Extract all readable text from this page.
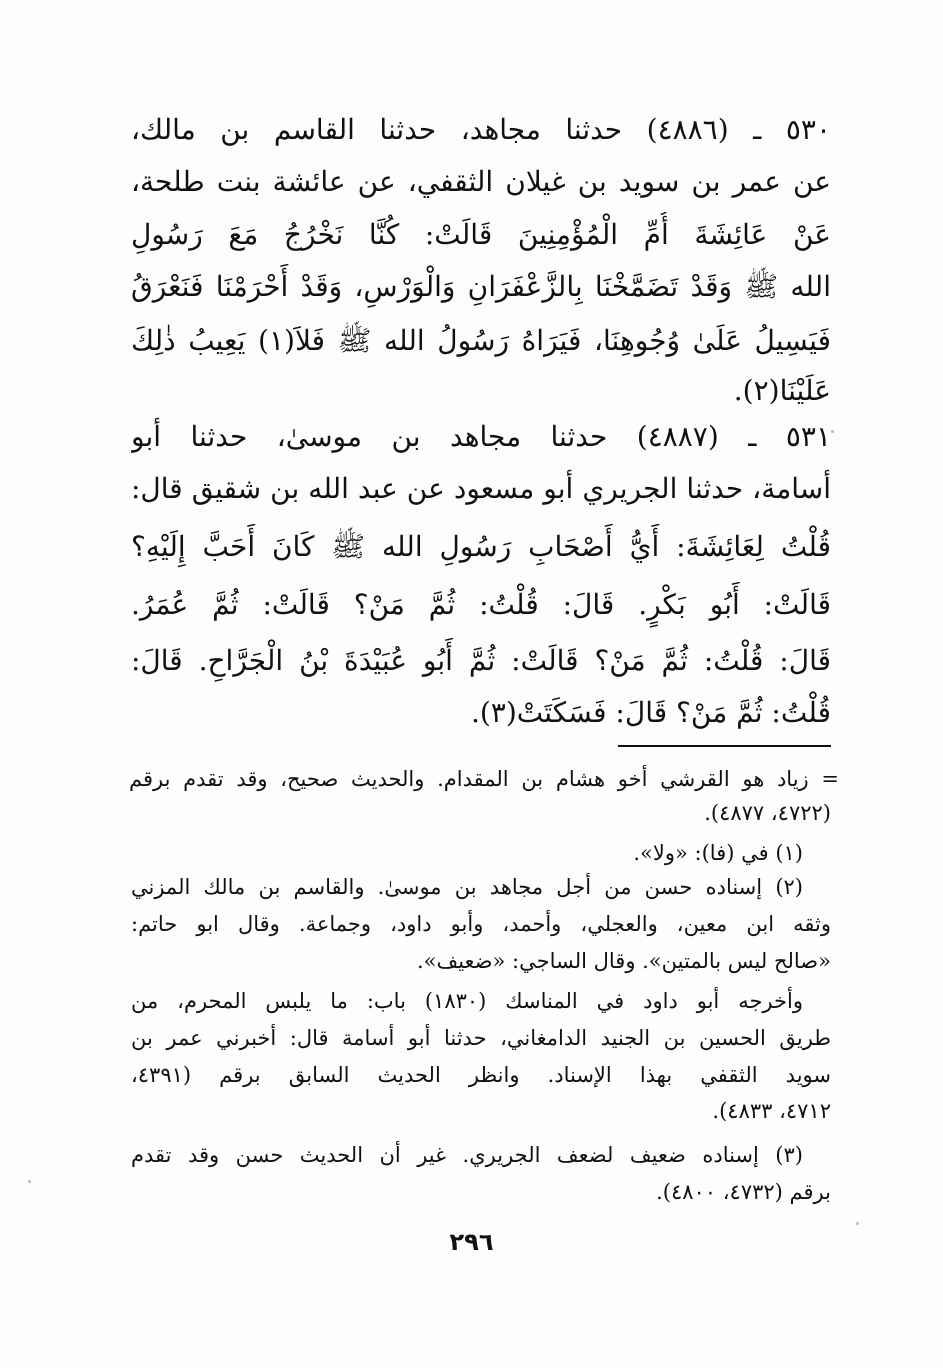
٥٣٠ ـ (٤٨٨٦) حدثنا مجاهد، حدثنا القاسم بن مالك،
عن عمر بن سويد بن غيلان الثقفي، عن عائشة بنت طلحة،
عَنْ عَائِشَةَ أُمِّ الْمُؤْمِنِينَ قَالَتْ: كُنَّا نَخْرُجُ مَعَ رَسُولِ
الله ﷺ وَقَدْ تَضَمَّخْنَا بِالزَّعْفَرَانِ وَالْوَرْسِ، وَقَدْ أَحْرَمْنَا فَنَعْرَقُ
فَيَسِيلُ عَلَىٰ وُجُوهِنَا، فَيَرَاهُ رَسُولُ الله ﷺ فَلاَ(١) يَعِيبُ ذٰلِكَ
عَلَيْنَا(٢).
٥٣١ ـ (٤٨٨٧) حدثنا مجاهد بن موسىٰ، حدثنا أبو
أسامة، حدثنا الجريري أبو مسعود عن عبد الله بن شقيق قال:
قُلْتُ لِعَائِشَةَ: أَيُّ أَصْحَابِ رَسُولِ الله ﷺ كَانَ أَحَبَّ إِلَيْهِ؟
قَالَتْ: أَبُو بَكْرٍ. قَالَ: قُلْتُ: ثُمَّ مَنْ؟ قَالَتْ: ثُمَّ عُمَرُ.
قَالَ: قُلْتُ: ثُمَّ مَنْ؟ قَالَتْ: ثُمَّ أَبُو عُبَيْدَةَ بْنُ الْجَرَّاحِ. قَالَ:
قُلْتُ: ثُمَّ مَنْ؟ قَالَ: فَسَكَتَتْ(٣).
= زياد هو القرشي أخو هشام بن المقدام. والحديث صحيح، وقد تقدم برقم
(٤٧٢٢، ٤٨٧٧).
(١) في (فا): «ولا».
(٢) إسناده حسن من أجل مجاهد بن موسىٰ. والقاسم بن مالك المزني
وثقه ابن معين، والعجلي، وأحمد، وأبو داود، وجماعة. وقال ابو حاتم:
«صالح ليس بالمتين». وقال الساجي: «ضعيف».
وأخرجه أبو داود في المناسك (١٨٣٠) باب: ما يلبس المحرم، من
طريق الحسين بن الجنيد الدامغاني، حدثنا أبو أسامة قال: أخبرني عمر بن
سويد الثقفي بهذا الإسناد. وانظر الحديث السابق برقم (٤٣٩١،
٤٧١٢، ٤٨٣٣).
(٣) إسناده ضعيف لضعف الجريري. غير أن الحديث حسن وقد تقدم
برقم (٤٧٣٢، ٤٨٠٠).
٢٩٦
